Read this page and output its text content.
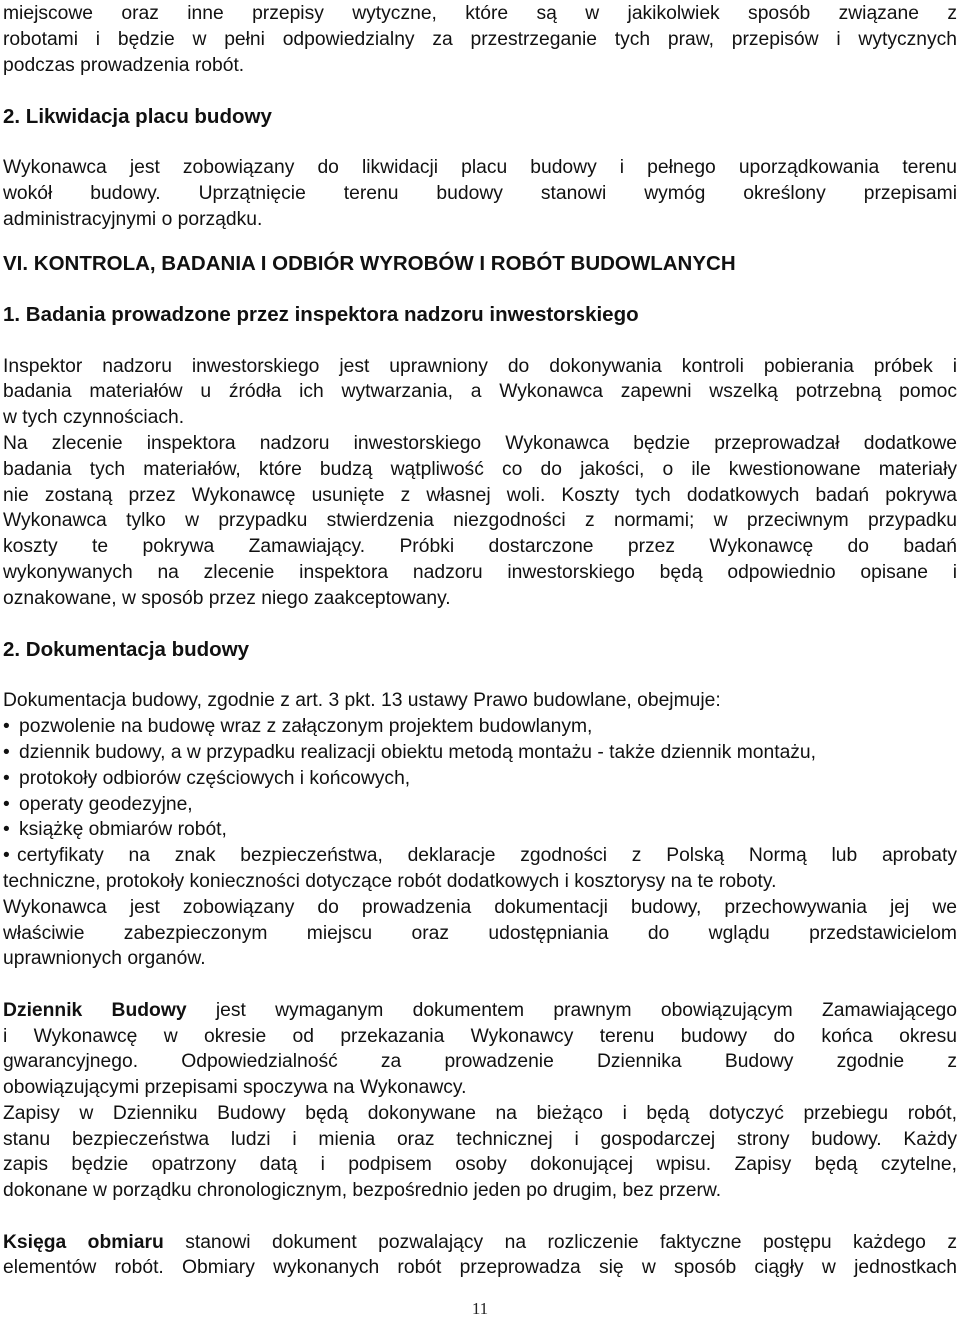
miejscowe oraz inne przepisy wytyczne, które są w jakikolwiek sposób związane z
robotami i będzie w pełni odpowiedzialny za przestrzeganie tych praw, przepisów i wytycznych
podczas prowadzenia robót.
2. Likwidacja placu budowy
Wykonawca jest zobowiązany do likwidacji placu budowy i pełnego uporządkowania terenu
wokół budowy. Uprzątnięcie terenu budowy stanowi wymóg określony przepisami
administracyjnymi o porządku.
VI. KONTROLA, BADANIA I ODBIÓR WYROBÓW I ROBÓT BUDOWLANYCH
1. Badania prowadzone przez inspektora nadzoru inwestorskiego
Inspektor nadzoru inwestorskiego jest uprawniony do dokonywania kontroli pobierania próbek i
badania materiałów u źródła ich wytwarzania, a Wykonawca zapewni wszelką potrzebną pomoc
w tych czynnościach.
Na zlecenie inspektora nadzoru inwestorskiego Wykonawca będzie przeprowadzał dodatkowe
badania tych materiałów, które budzą wątpliwość co do jakości, o ile kwestionowane materiały
nie zostaną przez Wykonawcę usunięte z własnej woli. Koszty tych dodatkowych badań pokrywa
Wykonawca tylko w przypadku stwierdzenia niezgodności z normami; w przeciwnym przypadku
koszty te pokrywa Zamawiający. Próbki dostarczone przez Wykonawcę do badań
wykonywanych na zlecenie inspektora nadzoru inwestorskiego będą odpowiednio opisane i
oznakowane, w sposób przez niego zaakceptowany.
2. Dokumentacja budowy
Dokumentacja budowy, zgodnie z art. 3 pkt. 13 ustawy Prawo budowlane, obejmuje:
•
pozwolenie na budowę wraz z załączonym projektem budowlanym,
•
dziennik budowy, a w przypadku realizacji obiektu metodą montażu - także dziennik montażu,
•
protokoły odbiorów częściowych i końcowych,
•
operaty geodezyjne,
•
książkę obmiarów robót,
•
certyfikaty na znak bezpieczeństwa, deklaracje zgodności z Polską Normą lub aprobaty
techniczne, protokoły konieczności dotyczące robót dodatkowych i kosztorysy na te roboty.
Wykonawca jest zobowiązany do prowadzenia dokumentacji budowy, przechowywania jej we
właściwie zabezpieczonym miejscu oraz udostępniania do wglądu przedstawicielom
uprawnionych organów.
Dziennik Budowy jest wymaganym dokumentem prawnym obowiązującym Zamawiającego
i Wykonawcę w okresie od przekazania Wykonawcy terenu budowy do końca okresu
gwarancyjnego. Odpowiedzialność za prowadzenie Dziennika Budowy zgodnie z
obowiązującymi przepisami spoczywa na Wykonawcy.
Zapisy w Dzienniku Budowy będą dokonywane na bieżąco i będą dotyczyć przebiegu robót,
stanu bezpieczeństwa ludzi i mienia oraz technicznej i gospodarczej strony budowy. Każdy
zapis będzie opatrzony datą i podpisem osoby dokonującej wpisu. Zapisy będą czytelne,
dokonane w porządku chronologicznym, bezpośrednio jeden po drugim, bez przerw.
Księga obmiaru stanowi dokument pozwalający na rozliczenie faktyczne postępu każdego z
elementów robót. Obmiary wykonanych robót przeprowadza się w sposób ciągły w jednostkach
11
